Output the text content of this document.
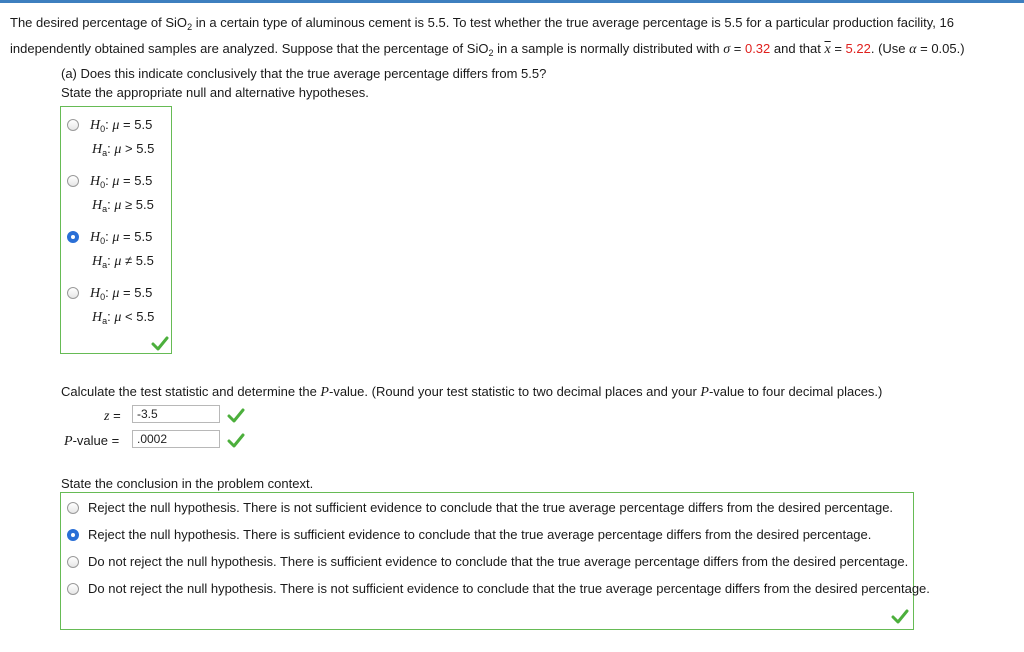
The desired percentage of SiO$_2$ in a certain type of aluminous cement is 5.5. To test whether the true average percentage is 5.5 for a particular production facility, 16 independently obtained samples are analyzed. Suppose that the percentage of SiO$_2$ in a sample is normally distributed with σ = 0.32 and that $\overline{x} = 5.22$. (Use α = 0.05.)
(a) Does this indicate conclusively that the true average percentage differs from 5.5?
State the appropriate null and alternative hypotheses.
$H_0$: μ = 5.5
$H_a$: μ > 5.5
$H_0$: μ = 5.5
$H_a$: μ ≥ 5.5
$H_0$: μ = 5.5
$H_a$: μ ≠ 5.5
$H_0$: μ = 5.5
$H_a$: μ < 5.5
Calculate the test statistic and determine the P-value. (Round your test statistic to two decimal places and your P-value to four decimal places.)
z =	-3.5
P-value =	.0002
State the conclusion in the problem context.
Reject the null hypothesis. There is not sufficient evidence to conclude that the true average percentage differs from the desired percentage.
Reject the null hypothesis. There is sufficient evidence to conclude that the true average percentage differs from the desired percentage.
Do not reject the null hypothesis. There is sufficient evidence to conclude that the true average percentage differs from the desired percentage.
Do not reject the null hypothesis. There is not sufficient evidence to conclude that the true average percentage differs from the desired percentage.
